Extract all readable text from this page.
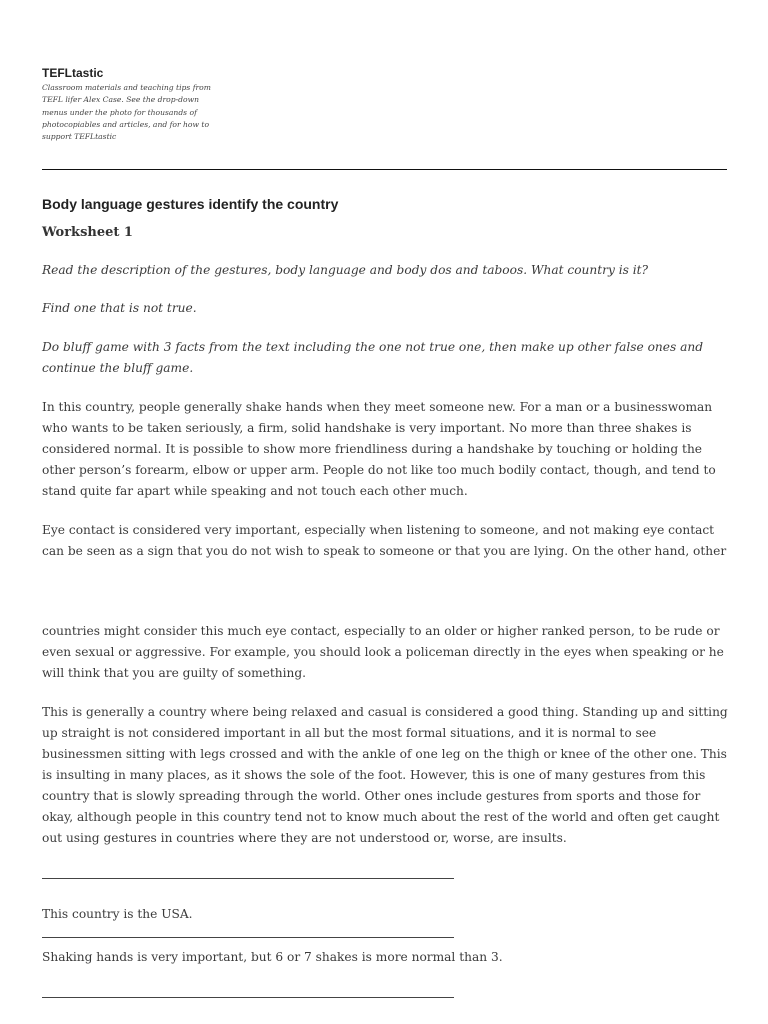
TEFLtastic
Classroom materials and teaching tips from TEFL lifer Alex Case. See the drop-down menus under the photo for thousands of photocopiables and articles, and for how to support TEFLtastic
Body language gestures identify the country
Worksheet 1

Read the description of the gestures, body language and body dos and taboos. What country is it?

Find one that is not true.

Do bluff game with 3 facts from the text including the one not true one, then make up other false ones and continue the bluff game.

In this country, people generally shake hands when they meet someone new. For a man or a businesswoman who wants to be taken seriously, a firm, solid handshake is very important. No more than three shakes is considered normal. It is possible to show more friendliness during a handshake by touching or holding the other person’s forearm, elbow or upper arm. People do not like too much bodily contact, though, and tend to stand quite far apart while speaking and not touch each other much.

Eye contact is considered very important, especially when listening to someone, and not making eye contact can be seen as a sign that you do not wish to speak to someone or that you are lying. On the other hand, other

countries might consider this much eye contact, especially to an older or higher ranked person, to be rude or even sexual or aggressive. For example, you should look a policeman directly in the eyes when speaking or he will think that you are guilty of something.

This is generally a country where being relaxed and casual is considered a good thing. Standing up and sitting up straight is not considered important in all but the most formal situations, and it is normal to see businessmen sitting with legs crossed and with the ankle of one leg on the thigh or knee of the other one. This is insulting in many places, as it shows the sole of the foot. However, this is one of many gestures from this country that is slowly spreading through the world. Other ones include gestures from sports and those for okay, although people in this country tend not to know much about the rest of the world and often get caught out using gestures in countries where they are not understood or, worse, are insults.

This country is the USA.

Shaking hands is very important, but 6 or 7 shakes is more normal than 3.
